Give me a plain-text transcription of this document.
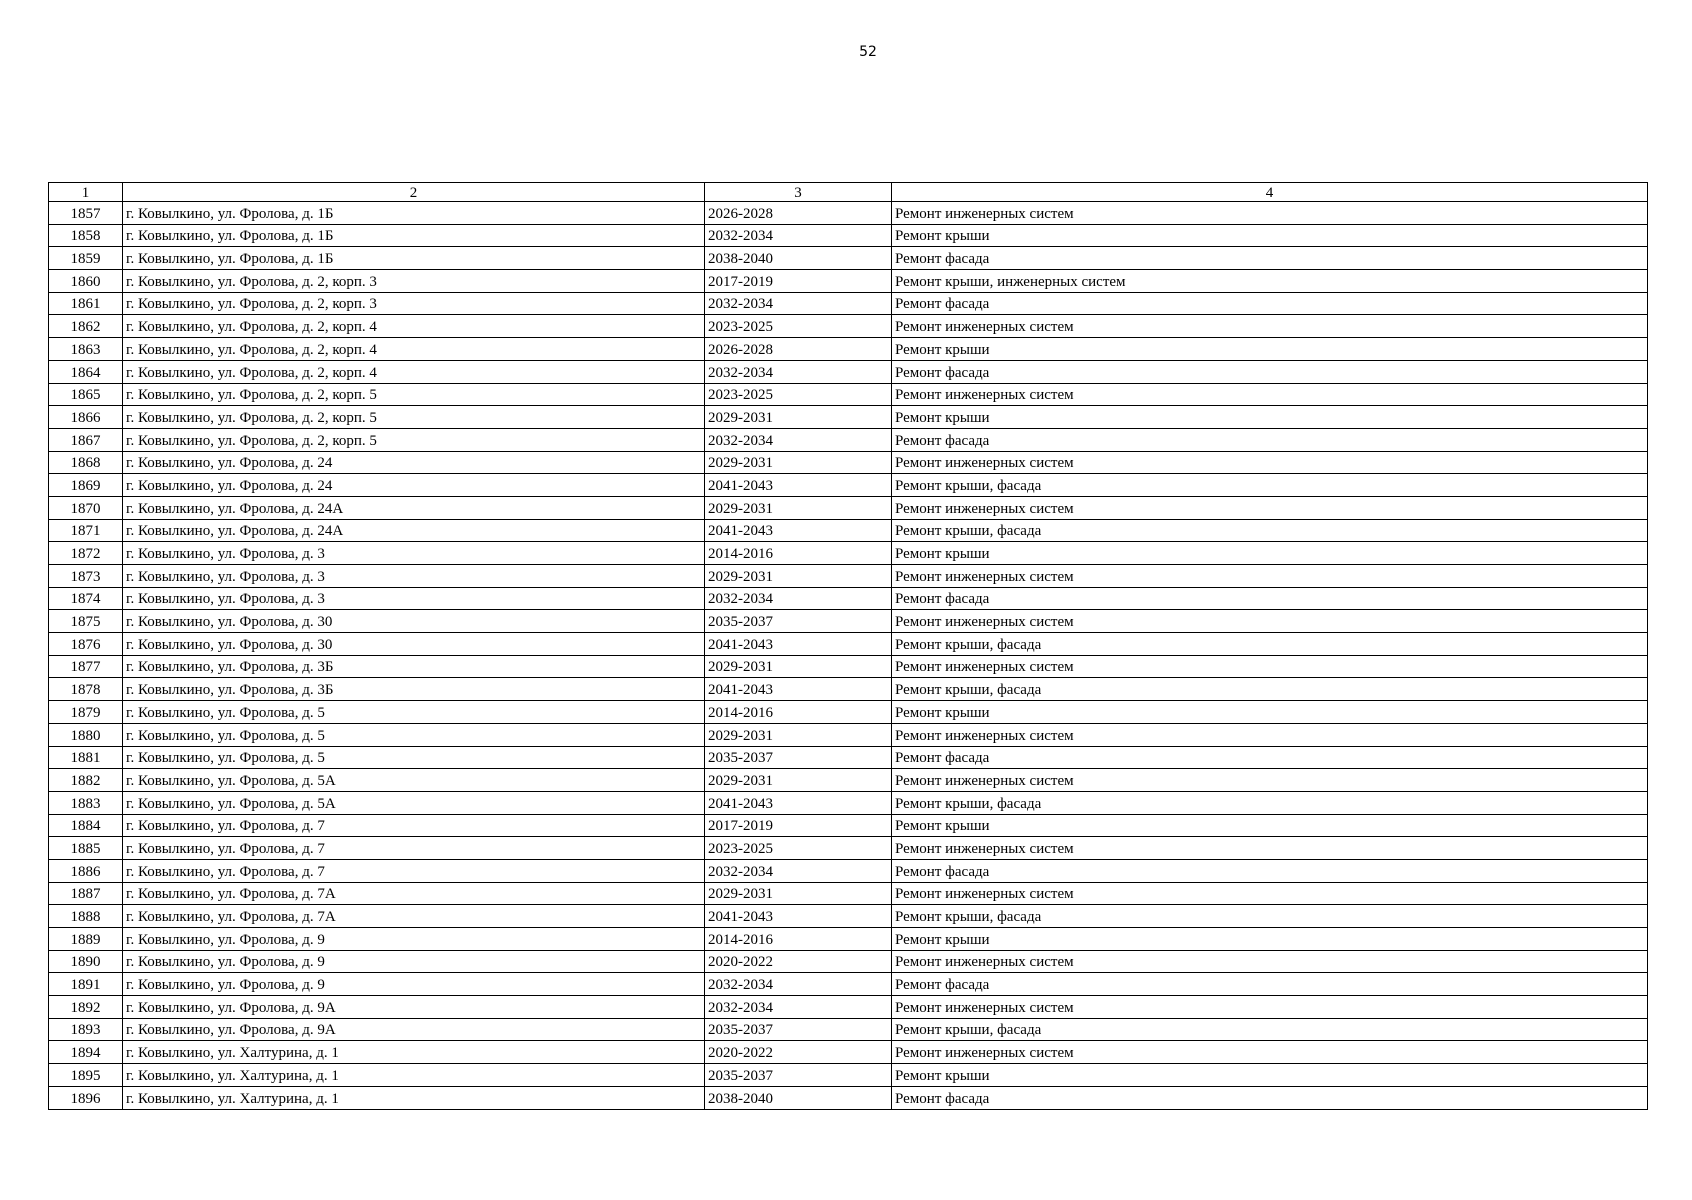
52
1	2	3	4
1857	г. Ковылкино, ул. Фролова, д. 1Б	2026-2028	Ремонт инженерных систем
1858	г. Ковылкино, ул. Фролова, д. 1Б	2032-2034	Ремонт крыши
1859	г. Ковылкино, ул. Фролова, д. 1Б	2038-2040	Ремонт фасада
1860	г. Ковылкино, ул. Фролова, д. 2, корп. 3	2017-2019	Ремонт крыши, инженерных систем
1861	г. Ковылкино, ул. Фролова, д. 2, корп. 3	2032-2034	Ремонт фасада
1862	г. Ковылкино, ул. Фролова, д. 2, корп. 4	2023-2025	Ремонт инженерных систем
1863	г. Ковылкино, ул. Фролова, д. 2, корп. 4	2026-2028	Ремонт крыши
1864	г. Ковылкино, ул. Фролова, д. 2, корп. 4	2032-2034	Ремонт фасада
1865	г. Ковылкино, ул. Фролова, д. 2, корп. 5	2023-2025	Ремонт инженерных систем
1866	г. Ковылкино, ул. Фролова, д. 2, корп. 5	2029-2031	Ремонт крыши
1867	г. Ковылкино, ул. Фролова, д. 2, корп. 5	2032-2034	Ремонт фасада
1868	г. Ковылкино, ул. Фролова, д. 24	2029-2031	Ремонт инженерных систем
1869	г. Ковылкино, ул. Фролова, д. 24	2041-2043	Ремонт крыши, фасада
1870	г. Ковылкино, ул. Фролова, д. 24А	2029-2031	Ремонт инженерных систем
1871	г. Ковылкино, ул. Фролова, д. 24А	2041-2043	Ремонт крыши, фасада
1872	г. Ковылкино, ул. Фролова, д. 3	2014-2016	Ремонт крыши
1873	г. Ковылкино, ул. Фролова, д. 3	2029-2031	Ремонт инженерных систем
1874	г. Ковылкино, ул. Фролова, д. 3	2032-2034	Ремонт фасада
1875	г. Ковылкино, ул. Фролова, д. 30	2035-2037	Ремонт инженерных систем
1876	г. Ковылкино, ул. Фролова, д. 30	2041-2043	Ремонт крыши, фасада
1877	г. Ковылкино, ул. Фролова, д. 3Б	2029-2031	Ремонт инженерных систем
1878	г. Ковылкино, ул. Фролова, д. 3Б	2041-2043	Ремонт крыши, фасада
1879	г. Ковылкино, ул. Фролова, д. 5	2014-2016	Ремонт крыши
1880	г. Ковылкино, ул. Фролова, д. 5	2029-2031	Ремонт инженерных систем
1881	г. Ковылкино, ул. Фролова, д. 5	2035-2037	Ремонт фасада
1882	г. Ковылкино, ул. Фролова, д. 5А	2029-2031	Ремонт инженерных систем
1883	г. Ковылкино, ул. Фролова, д. 5А	2041-2043	Ремонт крыши, фасада
1884	г. Ковылкино, ул. Фролова, д. 7	2017-2019	Ремонт крыши
1885	г. Ковылкино, ул. Фролова, д. 7	2023-2025	Ремонт инженерных систем
1886	г. Ковылкино, ул. Фролова, д. 7	2032-2034	Ремонт фасада
1887	г. Ковылкино, ул. Фролова, д. 7А	2029-2031	Ремонт инженерных систем
1888	г. Ковылкино, ул. Фролова, д. 7А	2041-2043	Ремонт крыши, фасада
1889	г. Ковылкино, ул. Фролова, д. 9	2014-2016	Ремонт крыши
1890	г. Ковылкино, ул. Фролова, д. 9	2020-2022	Ремонт инженерных систем
1891	г. Ковылкино, ул. Фролова, д. 9	2032-2034	Ремонт фасада
1892	г. Ковылкино, ул. Фролова, д. 9А	2032-2034	Ремонт инженерных систем
1893	г. Ковылкино, ул. Фролова, д. 9А	2035-2037	Ремонт крыши, фасада
1894	г. Ковылкино, ул. Халтурина, д. 1	2020-2022	Ремонт инженерных систем
1895	г. Ковылкино, ул. Халтурина, д. 1	2035-2037	Ремонт крыши
1896	г. Ковылкино, ул. Халтурина, д. 1	2038-2040	Ремонт фасада
